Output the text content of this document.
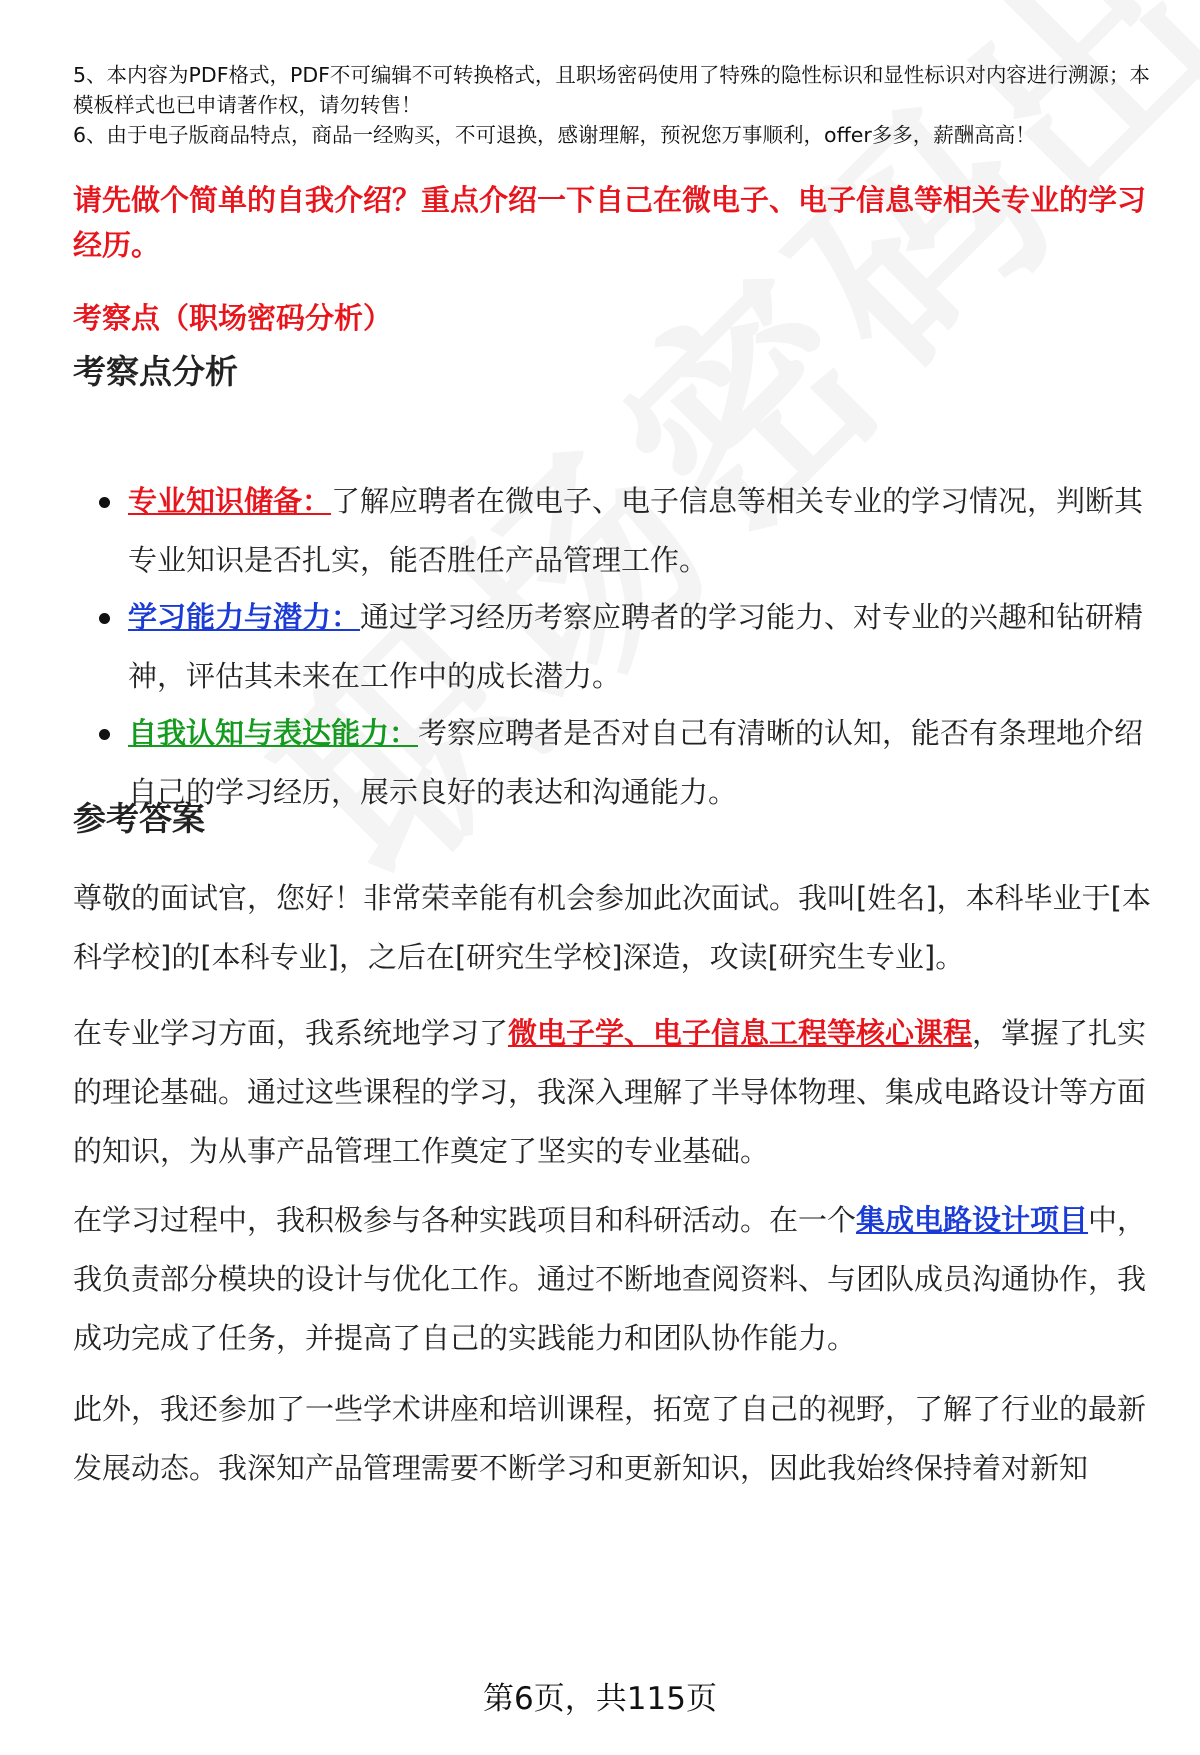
5、本内容为PDF格式，PDF不可编辑不可转换格式，且职场密码使用了特殊的隐性标识和显性标识对内容进行溯源；本模板样式也已申请著作权，请勿转售！

6、由于电子版商品特点，商品一经购买，不可退换，感谢理解，预祝您万事顺利，offer多多，薪酬高高！

请先做个简单的自我介绍？重点介绍一下自己在微电子、电子信息等相关专业的学习经历。

考察点（职场密码分析）

考察点分析
专业知识储备：了解应聘者在微电子、电子信息等相关专业的学习情况，判断其专业知识是否扎实，能否胜任产品管理工作。
学习能力与潜力：通过学习经历考察应聘者的学习能力、对专业的兴趣和钻研精神，评估其未来在工作中的成长潜力。
自我认知与表达能力：考察应聘者是否对自己有清晰的认知，能否有条理地介绍自己的学习经历，展示良好的表达和沟通能力。
参考答案

尊敬的面试官，您好！非常荣幸能有机会参加此次面试。我叫[姓名]，本科毕业于[本科学校]的[本科专业]，之后在[研究生学校]深造，攻读[研究生专业]。

在专业学习方面，我系统地学习了微电子学、电子信息工程等核心课程，掌握了扎实的理论基础。通过这些课程的学习，我深入理解了半导体物理、集成电路设计等方面的知识，为从事产品管理工作奠定了坚实的专业基础。

在学习过程中，我积极参与各种实践项目和科研活动。在一个集成电路设计项目中，我负责部分模块的设计与优化工作。通过不断地查阅资料、与团队成员沟通协作，我成功完成了任务，并提高了自己的实践能力和团队协作能力。

此外，我还参加了一些学术讲座和培训课程，拓宽了自己的视野，了解了行业的最新发展动态。我深知产品管理需要不断学习和更新知识，因此我始终保持着对新知

第6页，共115页
